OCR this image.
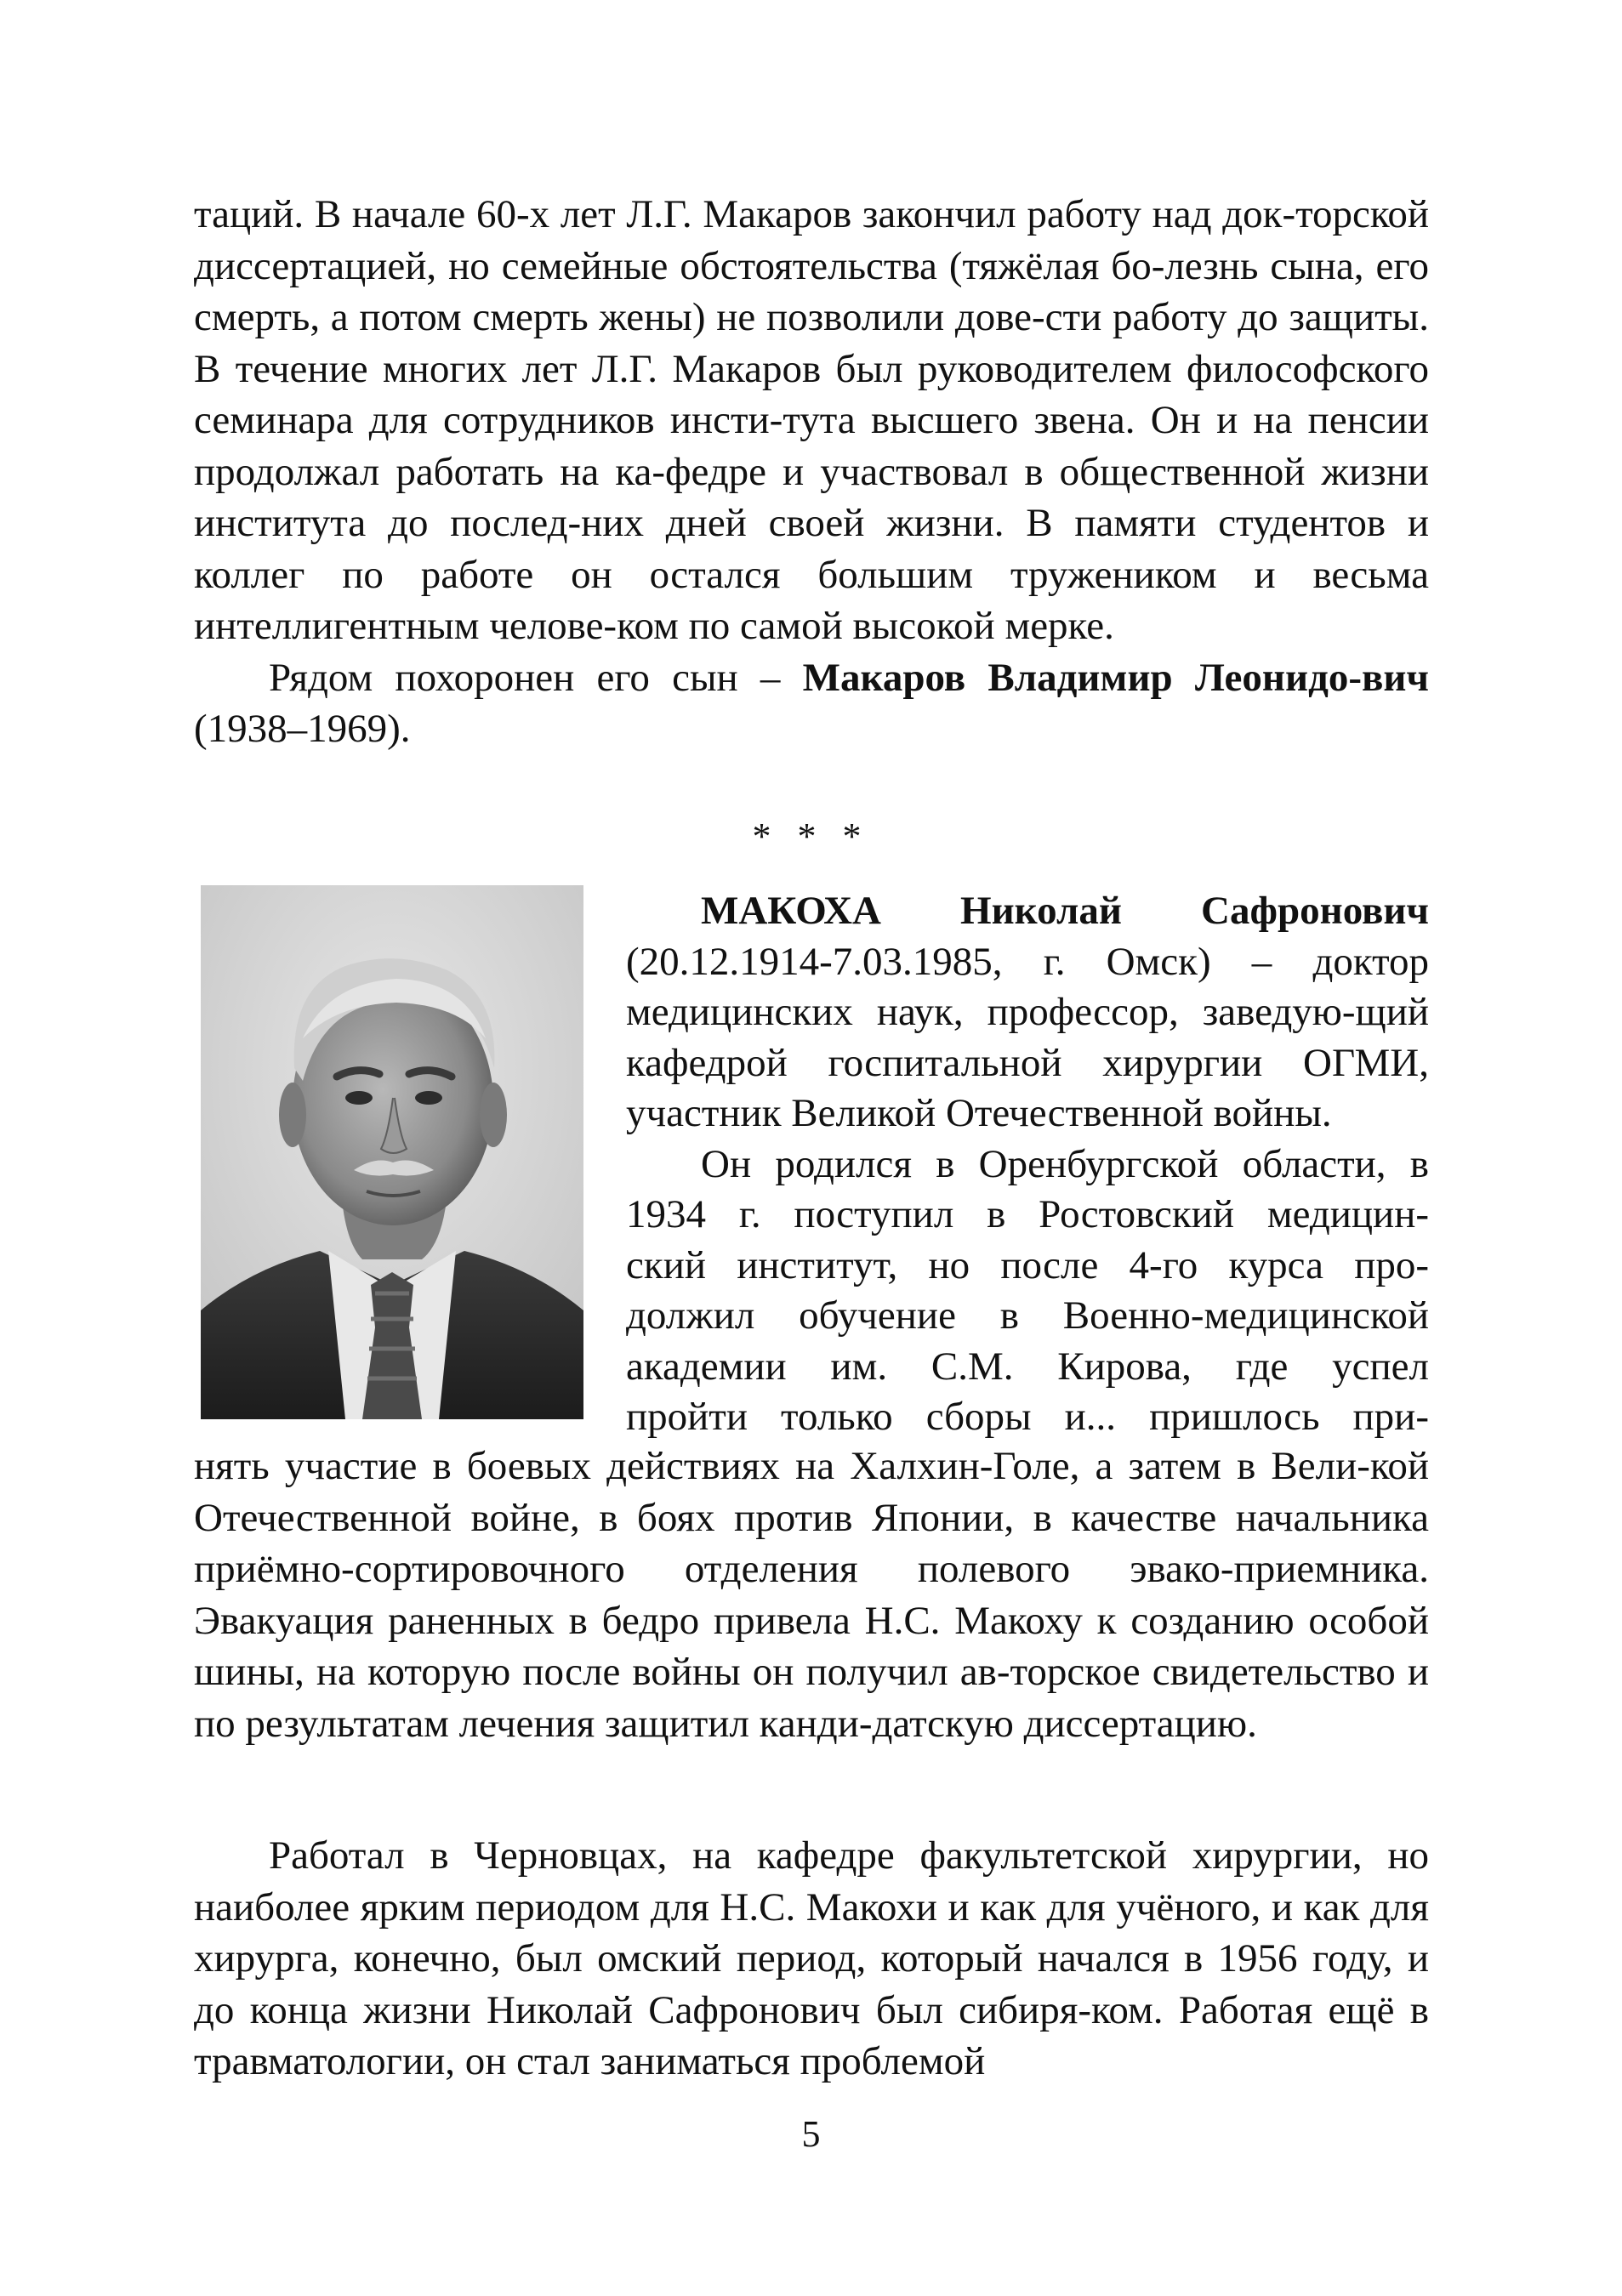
таций. В начале 60-х лет Л.Г. Макаров закончил работу над док-торской диссертацией, но семейные обстоятельства (тяжёлая бо-лезнь сына, его смерть, а потом смерть жены) не позволили дове-сти работу до защиты. В течение многих лет Л.Г. Макаров был руководителем философского семинара для сотрудников инсти-тута высшего звена. Он и на пенсии продолжал работать на ка-федре и участвовал в общественной жизни института до послед-них дней своей жизни. В памяти студентов и коллег по работе он остался большим тружеником и весьма интеллигентным челове-ком по самой высокой мерке.

Рядом похоронен его сын – Макаров Владимир Леонидо-вич (1938–1969).

* * *

МАКОХА Николай Сафронович (20.12.1914-7.03.1985, г. Омск) – доктор медицинских наук, профессор, заведую-щий кафедрой госпитальной хирургии ОГМИ, участник Великой Отечественной войны.

Он родился в Оренбургской области, в
1934 г. поступил в Ростовский медицин-
ский институт, но после 4-го курса про-
должил обучение в Военно-медицинской
академии им. С.М. Кирова, где успел
пройти только сборы и... пришлось при-

нять участие в боевых действиях на Халхин-Голе, а затем в Вели-кой Отечественной войне, в боях против Японии, в качестве начальника приёмно-сортировочного отделения полевого эвако-приемника. Эвакуация раненных в бедро привела Н.С. Макоху к созданию особой шины, на которую после войны он получил ав-торское свидетельство и по результатам лечения защитил канди-датскую диссертацию.

Работал в Черновцах, на кафедре факультетской хирургии, но наиболее ярким периодом для Н.С. Макохи и как для учёного, и как для хирурга, конечно, был омский период, который начался в 1956 году, и до конца жизни Николай Сафронович был сибиря-ком. Работая ещё в травматологии, он стал заниматься проблемой

5
